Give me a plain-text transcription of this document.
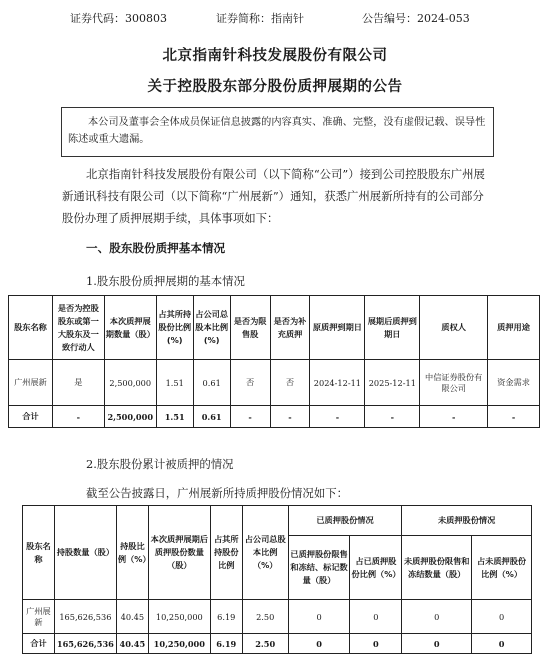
证券代码：300803	证券简称：指南针	公告编号：2024-053
北京指南针科技发展股份有限公司
关于控股股东部分股份质押展期的公告
本公司及董事会全体成员保证信息披露的内容真实、准确、完整，没有虚假记载、误导性陈述或重大遗漏。
北京指南针科技发展股份有限公司（以下简称“公司”）接到公司控股股东广州展新通讯科技有限公司（以下简称“广州展新”）通知，获悉广州展新所持有的公司部分股份办理了质押展期手续，具体事项如下：
一、股东股份质押基本情况
1.股东股份质押展期的基本情况
股东名称	是否为控股股东或第一大股东及一致行动人	本次质押展期数量（股）	占其所持股份比例(%)	占公司总股本比例(%)	是否为限售股	是否为补充质押	原质押到期日	展期后质押到期日	质权人	质押用途
广州展新	是	2,500,000	1.51	0.61	否	否	2024-12-11	2025-12-11	中信证券股份有限公司	资金需求
合计	-	2,500,000	1.51	0.61	-	-	-	-	-	-
2.股东股份累计被质押的情况
截至公告披露日，广州展新所持质押股份情况如下：
股东名称	持股数量（股）	持股比例（%）	本次质押展期后质押股份数量（股）	占其所持股份比例	占公司总股本比例（%）	已质押股份情况		未质押股份情况	
						已质押股份限售和冻结、标记数量（股）	占已质押股份比例（%）	未质押股份限售和冻结数量（股）	占未质押股份比例（%）
广州展新	165,626,536	40.45	10,250,000	6.19	2.50	0	0	0	0
合计	165,626,536	40.45	10,250,000	6.19	2.50	0	0	0	0
